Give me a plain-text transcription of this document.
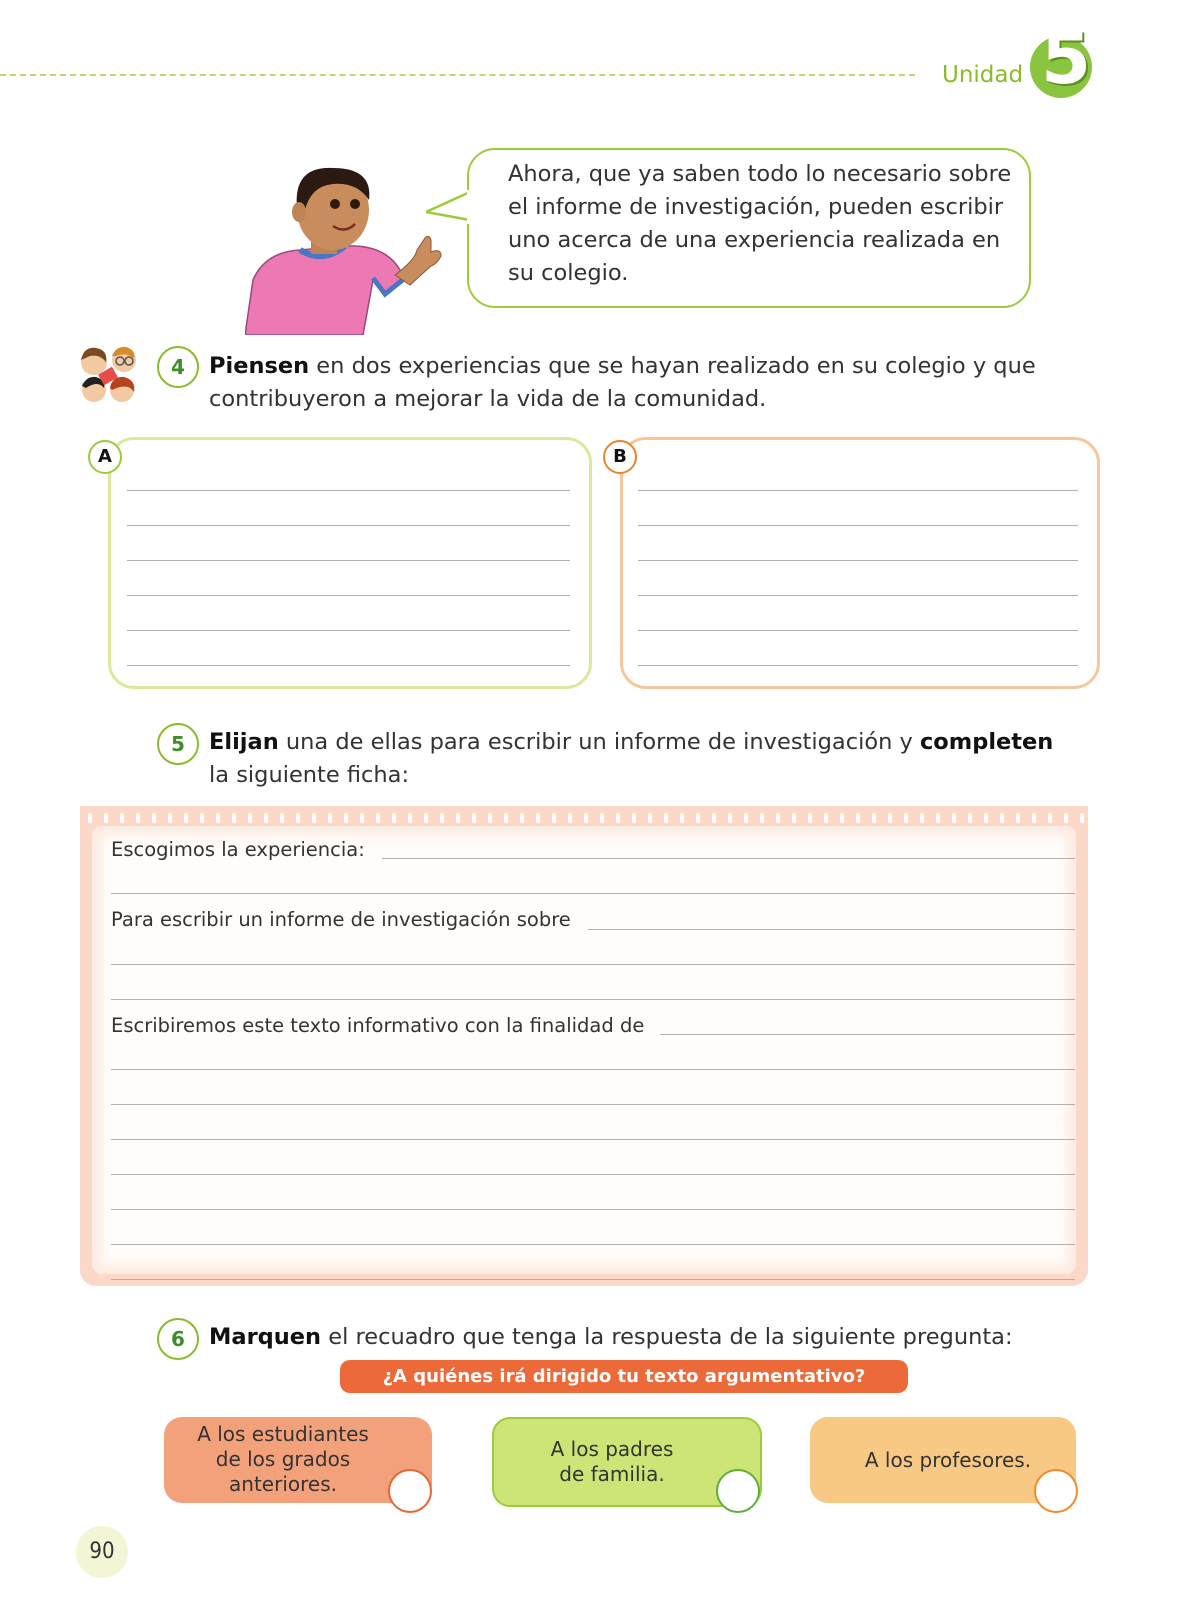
Unidad 5
Ahora, que ya saben todo lo necesario sobre el informe de investigación, pueden escribir uno acerca de una experiencia realizada en su colegio.
4	Piensen en dos experiencias que se hayan realizado en su colegio y que contribuyeron a mejorar la vida de la comunidad.
A	B
5	Elijan una de ellas para escribir un informe de investigación y completen la siguiente ficha:
Escogimos la experiencia:
Para escribir un informe de investigación sobre
Escribiremos este texto informativo con la finalidad de
6	Marquen el recuadro que tenga la respuesta de la siguiente pregunta:
¿A quiénes irá dirigido tu texto argumentativo?
A los estudiantes
de los grados
anteriores.
A los padres
de familia.
A los profesores.
90
